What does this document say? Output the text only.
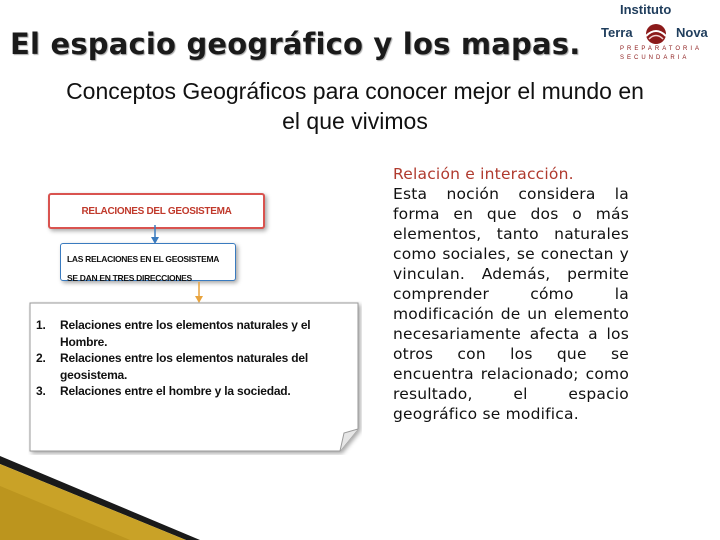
El espacio geográfico y los mapas.
Conceptos Geográficos para conocer mejor el mundo en el que vivimos
Instituto
Terra	Nova
PREPARATORIA
SECUNDARIA
RELACIONES DEL GEOSISTEMA
LAS RELACIONES EN EL GEOSISTEMA SE DAN EN TRES DIRECCIONES
1. Relaciones entre los elementos naturales y el Hombre.
2. Relaciones entre los elementos naturales del geosistema.
3. Relaciones entre el hombre y la sociedad.
Relación e interacción.
Esta noción considera la forma en que dos o más elementos, tanto naturales como sociales, se conectan y vinculan. Además, permite comprender cómo la modificación de un elemento necesariamente afecta a los otros con los que se encuentra relacionado; como resultado, el espacio geográfico se modifica.
